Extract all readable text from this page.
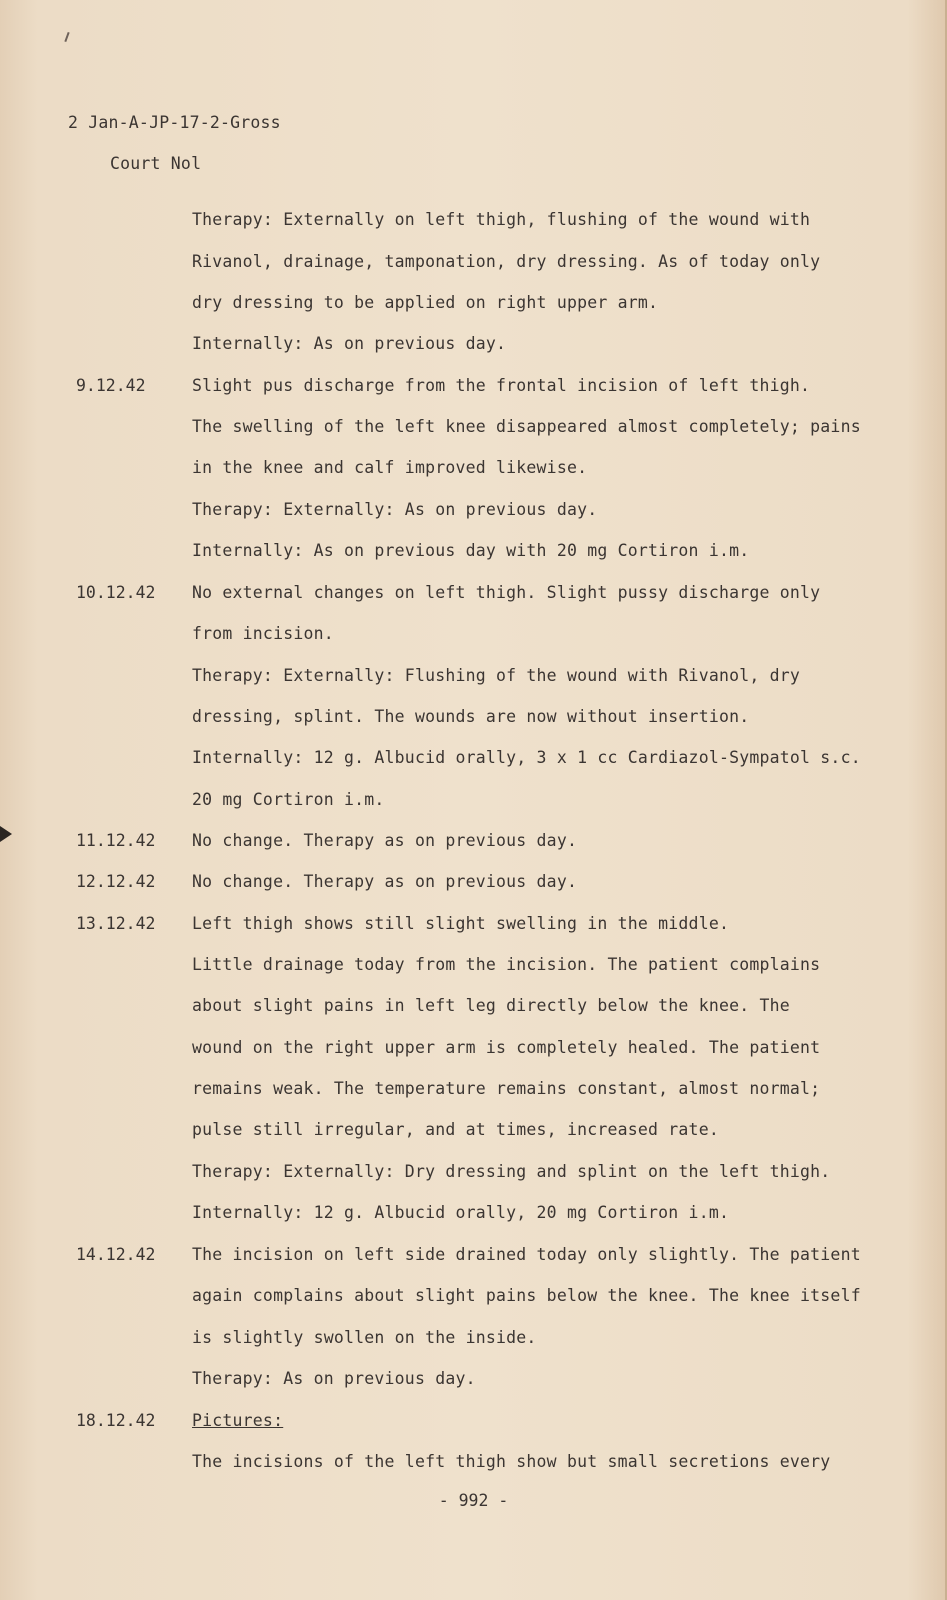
2 Jan-A-JP-17-2-Gross
Court Nol
Therapy: Externally on left thigh, flushing of the wound with
Rivanol, drainage, tamponation, dry dressing. As of today only
dry dressing to be applied on right upper arm.
Internally: As on previous day.
9.12.42	Slight pus discharge from the frontal incision of left thigh.
The swelling of the left knee disappeared almost completely; pains
in the knee and calf improved likewise.
Therapy: Externally: As on previous day.
Internally: As on previous day with 20 mg Cortiron i.m.
10.12.42 No external changes on left thigh. Slight pussy discharge only
from incision.
Therapy: Externally: Flushing of the wound with Rivanol, dry
dressing, splint. The wounds are now without insertion.
Internally: 12 g. Albucid orally, 3 x 1 cc Cardiazol-Sympatol s.c.
20 mg Cortiron i.m.
11.12.42 No change. Therapy as on previous day.
12.12.42 No change. Therapy as on previous day.
13.12.42 Left thigh shows still slight swelling in the middle.
Little drainage today from the incision. The patient complains
about slight pains in left leg directly below the knee. The
wound on the right upper arm is completely healed. The patient
remains weak. The temperature remains constant, almost normal;
pulse still irregular, and at times, increased rate.
Therapy: Externally: Dry dressing and splint on the left thigh.
Internally: 12 g. Albucid orally, 20 mg Cortiron i.m.
14.12.42 The incision on left side drained today only slightly. The patient
again complains about slight pains below the knee. The knee itself
is slightly swollen on the inside.
Therapy: As on previous day.
18.12.42 Pictures:
The incisions of the left thigh show but small secretions every
- 992 -
